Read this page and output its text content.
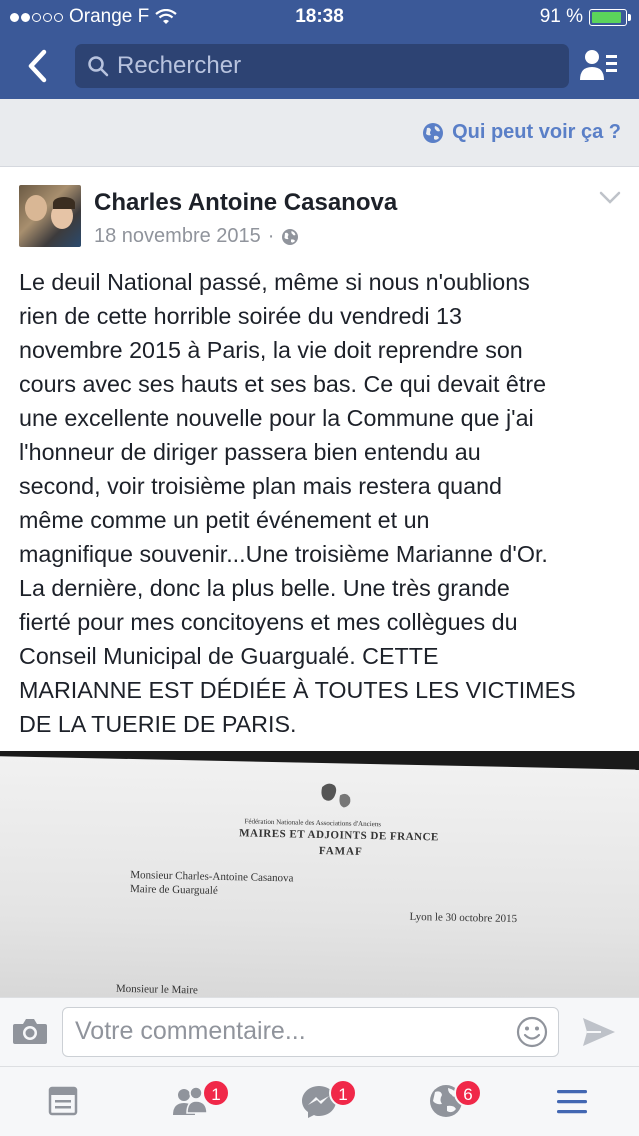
Orange F	18:38	91 %
Rechercher
Qui peut voir ça ?
Charles Antoine Casanova
18 novembre 2015 ·

Le deuil National passé, même si nous n'oublions

rien de cette horrible soirée du vendredi 13

novembre 2015 à Paris, la vie doit reprendre son

cours avec ses hauts et ses bas. Ce qui devait être

une excellente nouvelle pour la Commune que j'ai

l'honneur de diriger passera bien entendu au

second, voir troisième plan mais restera quand

même comme un petit événement et un

magnifique souvenir...Une troisième Marianne d'Or.

La dernière, donc la plus belle. Une très grande

fierté pour mes concitoyens et mes collègues du

Conseil Municipal de Guargualé. CETTE

MARIANNE EST DÉDIÉE À TOUTES LES VICTIMES

DE LA TUERIE DE PARIS.

Fédération Nationale des Associations d'Anciens
MAIRES ET ADJOINTS DE FRANCE
FAMAF
Monsieur Charles-Antoine Casanova
Maire de Guargualé
Lyon le 30 octobre 2015
Monsieur le Maire
Votre commentaire...
1	1	6
